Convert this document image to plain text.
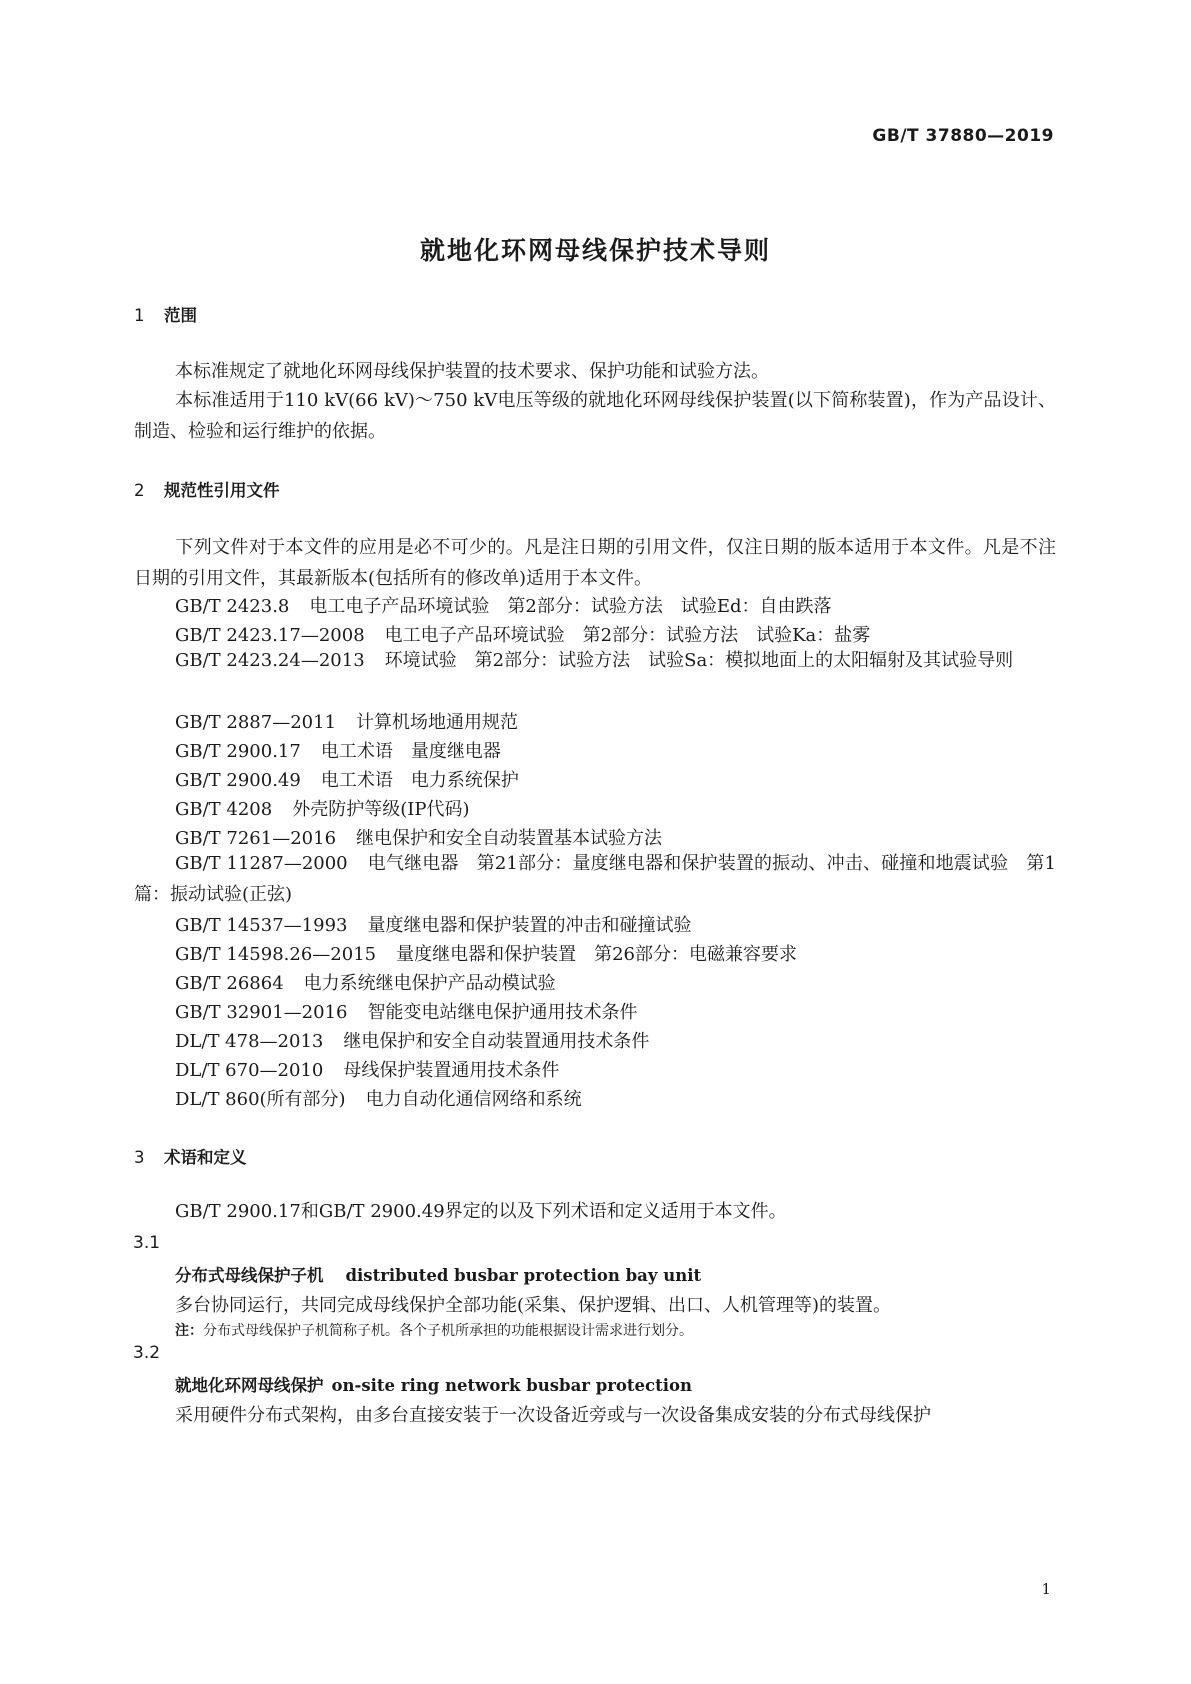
GB/T 37880—2019
就地化环网母线保护技术导则
1 范围
本标准规定了就地化环网母线保护装置的技术要求、保护功能和试验方法。
本标准适用于110 kV(66 kV)～750 kV电压等级的就地化环网母线保护装置(以下简称装置)，作为产品设计、制造、检验和运行维护的依据。
2 规范性引用文件
下列文件对于本文件的应用是必不可少的。凡是注日期的引用文件，仅注日期的版本适用于本文件。凡是不注日期的引用文件，其最新版本(包括所有的修改单)适用于本文件。
GB/T 2423.8 电工电子产品环境试验　第2部分：试验方法　试验Ed：自由跌落
GB/T 2423.17—2008 电工电子产品环境试验　第2部分：试验方法　试验Ka：盐雾
GB/T 2423.24—2013 环境试验　第2部分：试验方法　试验Sa：模拟地面上的太阳辐射及其试验导则
GB/T 2887—2011 计算机场地通用规范
GB/T 2900.17 电工术语　量度继电器
GB/T 2900.49 电工术语　电力系统保护
GB/T 4208 外壳防护等级(IP代码)
GB/T 7261—2016 继电保护和安全自动装置基本试验方法
GB/T 11287—2000 电气继电器　第21部分：量度继电器和保护装置的振动、冲击、碰撞和地震试验　第1篇：振动试验(正弦)
GB/T 14537—1993 量度继电器和保护装置的冲击和碰撞试验
GB/T 14598.26—2015 量度继电器和保护装置　第26部分：电磁兼容要求
GB/T 26864 电力系统继电保护产品动模试验
GB/T 32901—2016 智能变电站继电保护通用技术条件
DL/T 478—2013 继电保护和安全自动装置通用技术条件
DL/T 670—2010 母线保护装置通用技术条件
DL/T 860(所有部分) 电力自动化通信网络和系统
3 术语和定义
GB/T 2900.17和GB/T 2900.49界定的以及下列术语和定义适用于本文件。
3.1
分布式母线保护子机 distributed busbar protection bay unit
多台协同运行，共同完成母线保护全部功能(采集、保护逻辑、出口、人机管理等)的装置。
注：分布式母线保护子机简称子机。各个子机所承担的功能根据设计需求进行划分。
3.2
就地化环网母线保护 on-site ring network busbar protection
采用硬件分布式架构，由多台直接安装于一次设备近旁或与一次设备集成安装的分布式母线保护
1
